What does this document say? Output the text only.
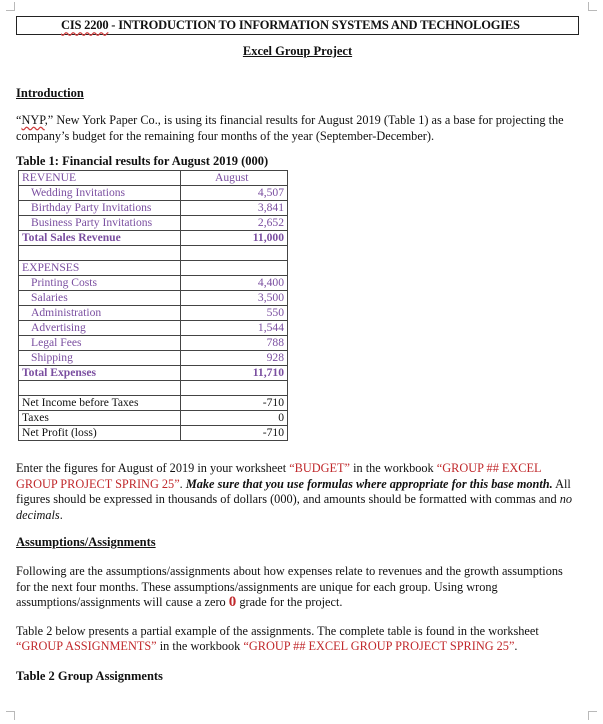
CIS 2200 - INTRODUCTION TO INFORMATION SYSTEMS AND TECHNOLOGIES
Excel Group Project
Introduction

“NYP,” New York Paper Co., is using its financial results for August 2019 (Table 1) as a base for projecting the company’s budget for the remaining four months of the year (September-December).

Table 1: Financial results for August 2019 (000)
REVENUE	August
Wedding Invitations	4,507
Birthday Party Invitations	3,841
Business Party Invitations	2,652
Total Sales Revenue	11,000

EXPENSES	
Printing Costs	4,400
Salaries	3,500
Administration	550
Advertising	1,544
Legal Fees	788
Shipping	928
Total Expenses	11,710

Net Income before Taxes	-710
Taxes	0
Net Profit (loss)	-710

Enter the figures for August of 2019 in your worksheet “BUDGET” in the workbook “GROUP ## EXCEL GROUP PROJECT SPRING 25”. Make sure that you use formulas where appropriate for this base month. All figures should be expressed in thousands of dollars (000), and amounts should be formatted with commas and no decimals.

Assumptions/Assignments

Following are the assumptions/assignments about how expenses relate to revenues and the growth assumptions for the next four months. These assumptions/assignments are unique for each group. Using wrong assumptions/assignments will cause a zero 0 grade for the project.

Table 2 below presents a partial example of the assignments. The complete table is found in the worksheet “GROUP ASSIGNMENTS” in the workbook “GROUP ## EXCEL GROUP PROJECT SPRING 25”.

Table 2 Group Assignments
